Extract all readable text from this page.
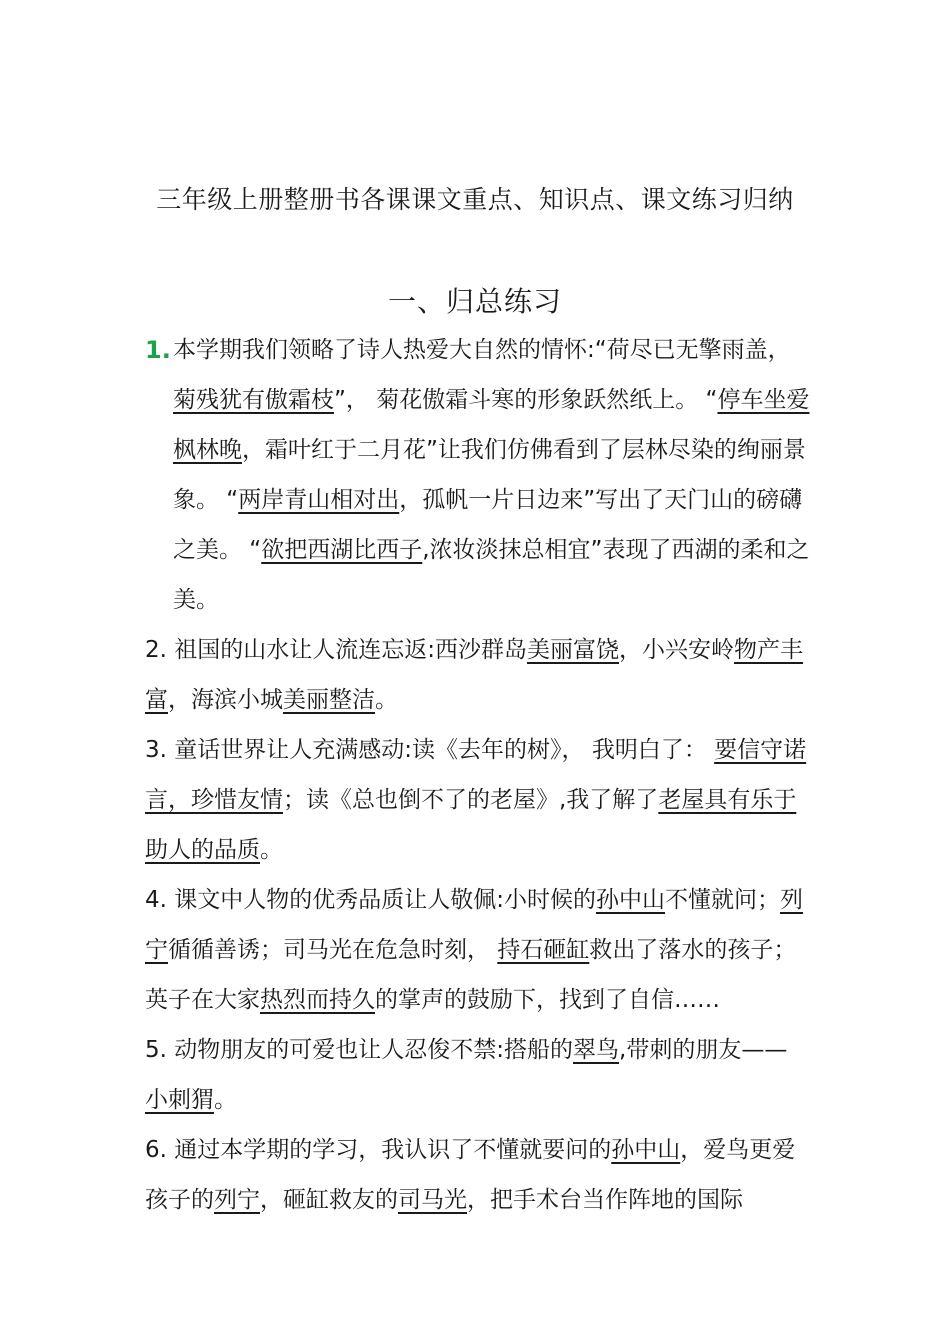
三年级上册整册书各课课文重点、知识点、课文练习归纳
一、归总练习

1. 本学期我们领略了诗人热爱大自然的情怀:“荷尽已无擎雨盖，菊残犹有傲霜枝”， 菊花傲霜斗寒的形象跃然纸上。 “停车坐爱枫林晚，霜叶红于二月花”让我们仿佛看到了层林尽染的绚丽景象。 “两岸青山相对出，孤帆一片日边来”写出了天门山的磅礴之美。 “欲把西湖比西子,浓妆淡抹总相宜”表现了西湖的柔和之美。

2. 祖国的山水让人流连忘返:西沙群岛美丽富饶，小兴安岭物产丰富，海滨小城美丽整洁。

3. 童话世界让人充满感动:读《去年的树》， 我明白了： 要信守诺言，珍惜友情；读《总也倒不了的老屋》,我了解了老屋具有乐于助人的品质。

4. 课文中人物的优秀品质让人敬佩:小时候的孙中山不懂就问；列宁循循善诱；司马光在危急时刻， 持石砸缸救出了落水的孩子；英子在大家热烈而持久的掌声的鼓励下，找到了自信……

5. 动物朋友的可爱也让人忍俊不禁:搭船的翠鸟,带刺的朋友——小刺猬。

6. 通过本学期的学习，我认识了不懂就要问的孙中山，爱鸟更爱孩子的列宁，砸缸救友的司马光，把手术台当作阵地的国际
